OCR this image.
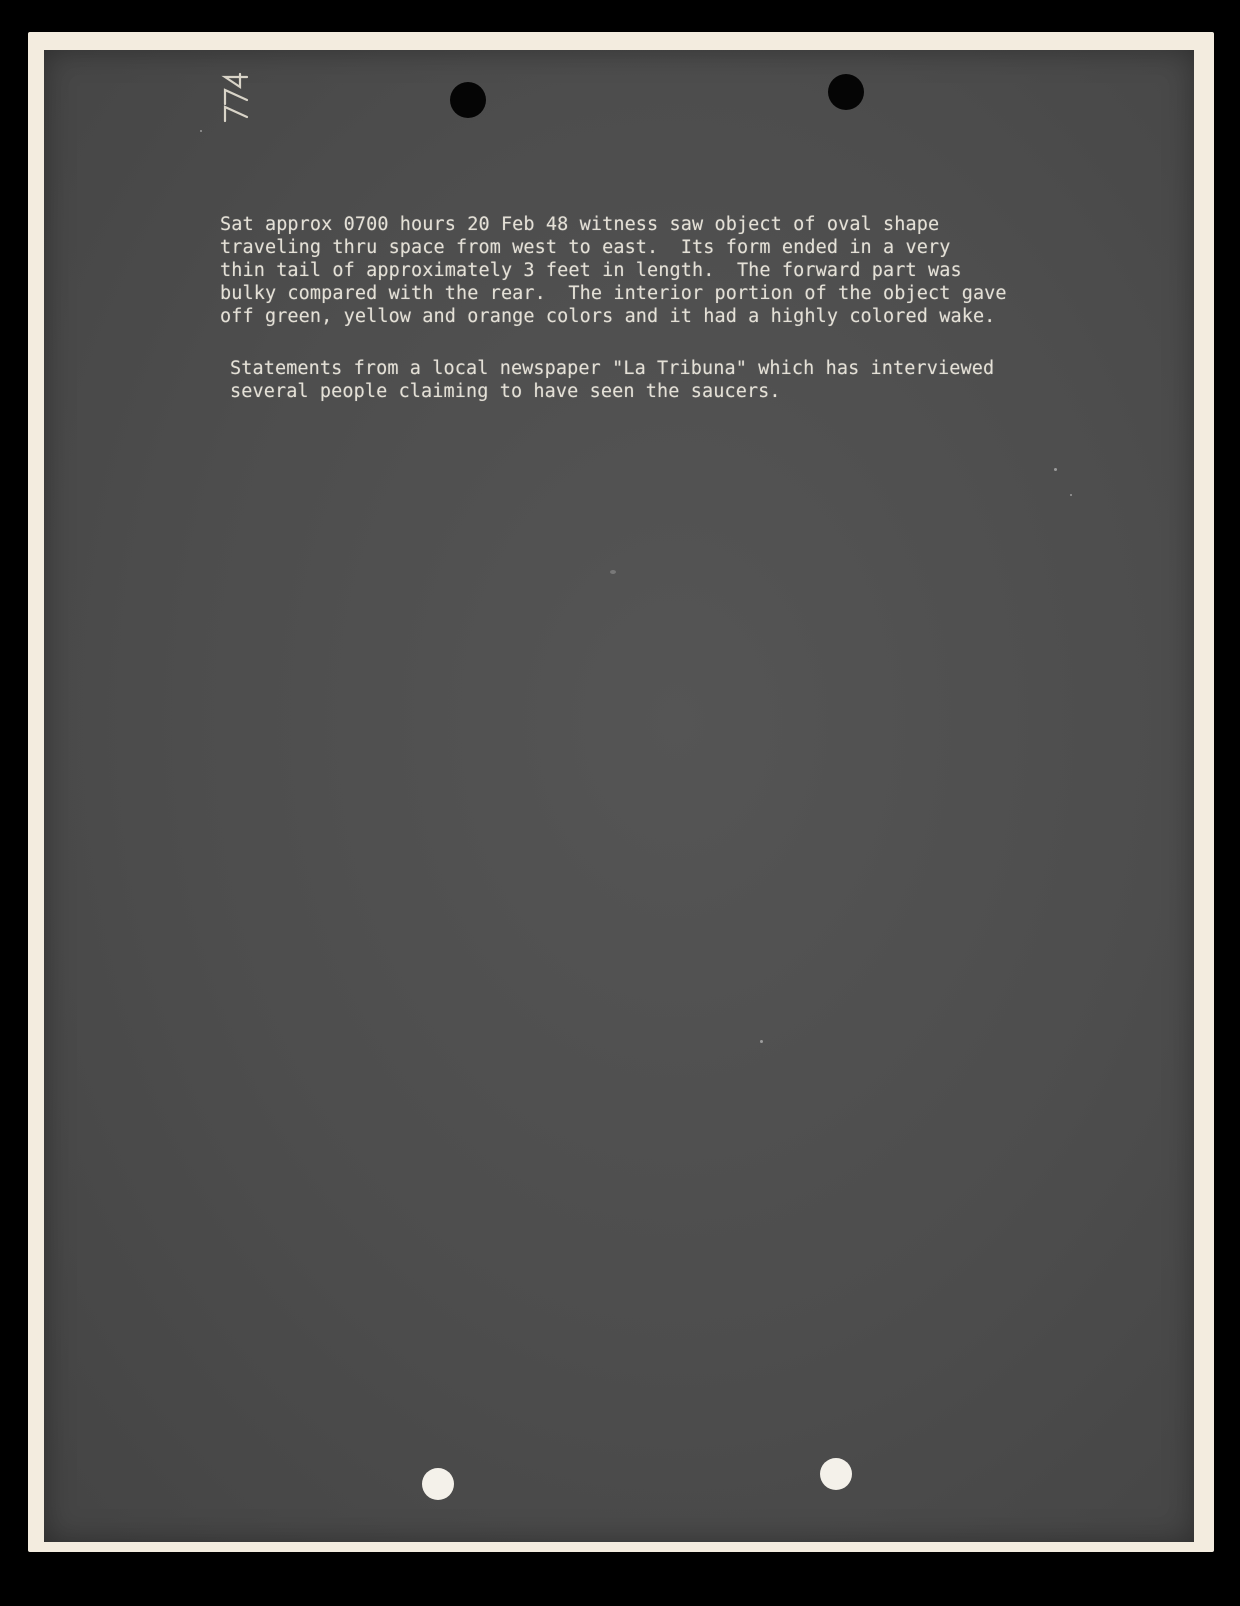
Sat approx 0700 hours 20 Feb 48 witness saw object of oval shape
traveling thru space from west to east.  Its form ended in a very
thin tail of approximately 3 feet in length.  The forward part was
bulky compared with the rear.  The interior portion of the object gave
off green, yellow and orange colors and it had a highly colored wake.
Statements from a local newspaper "La Tribuna" which has interviewed
several people claiming to have seen the saucers.
